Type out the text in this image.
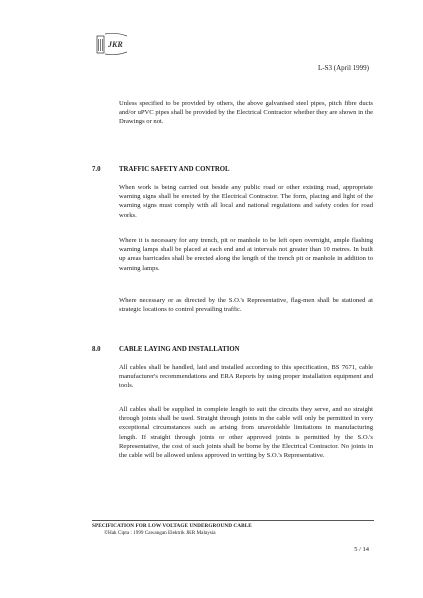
JKR
L-S3 (April 1999)

Unless specified to be provided by others, the above galvanised steel pipes, pitch fibre ducts and/or uPVC pipes shall be provided by the Electrical Contractor whether they are shown in the Drawings or not.

7.0	TRAFFIC SAFETY AND CONTROL

When work is being carried out beside any public road or other existing road, appropriate warning signs shall be erected by the Electrical Contractor. The form, placing and light of the warning signs must comply with all local and national regulations and safety codes for road works.

Where it is necessary for any trench, pit or manhole to be left open overnight, ample flashing warning lamps shall be placed at each end and at intervals not greater than 10 metres. In built up areas barricades shall be erected along the length of the trench pit or manhole in addition to warning lamps.

Where necessary or as directed by the S.O.'s Representative, flag-men shall be stationed at strategic locations to control prevailing traffic.

8.0	CABLE LAYING AND INSTALLATION

All cables shall be handled, laid and installed according to this specification, BS 7671, cable manufacturer's recommendations and ERA Reports by using proper installation equipment and tools.

All cables shall be supplied in complete length to suit the circuits they serve, and no straight through joints shall be used. Straight through joints in the cable will only be permitted in very exceptional circumstances such as arising from unavoidable limitations in manufacturing length. If straight through joints or other approved joints is permitted by the S.O.'s Representative, the cost of such joints shall be borne by the Electrical Contractor. No joints in the cable will be allowed unless approved in writing by S.O.'s Representative.

SPECIFICATION FOR LOW VOLTAGE UNDERGROUND CABLE
©Hak Cipta : 1999 Cawangan Elektrik JKR Malaysia
5 / 14
